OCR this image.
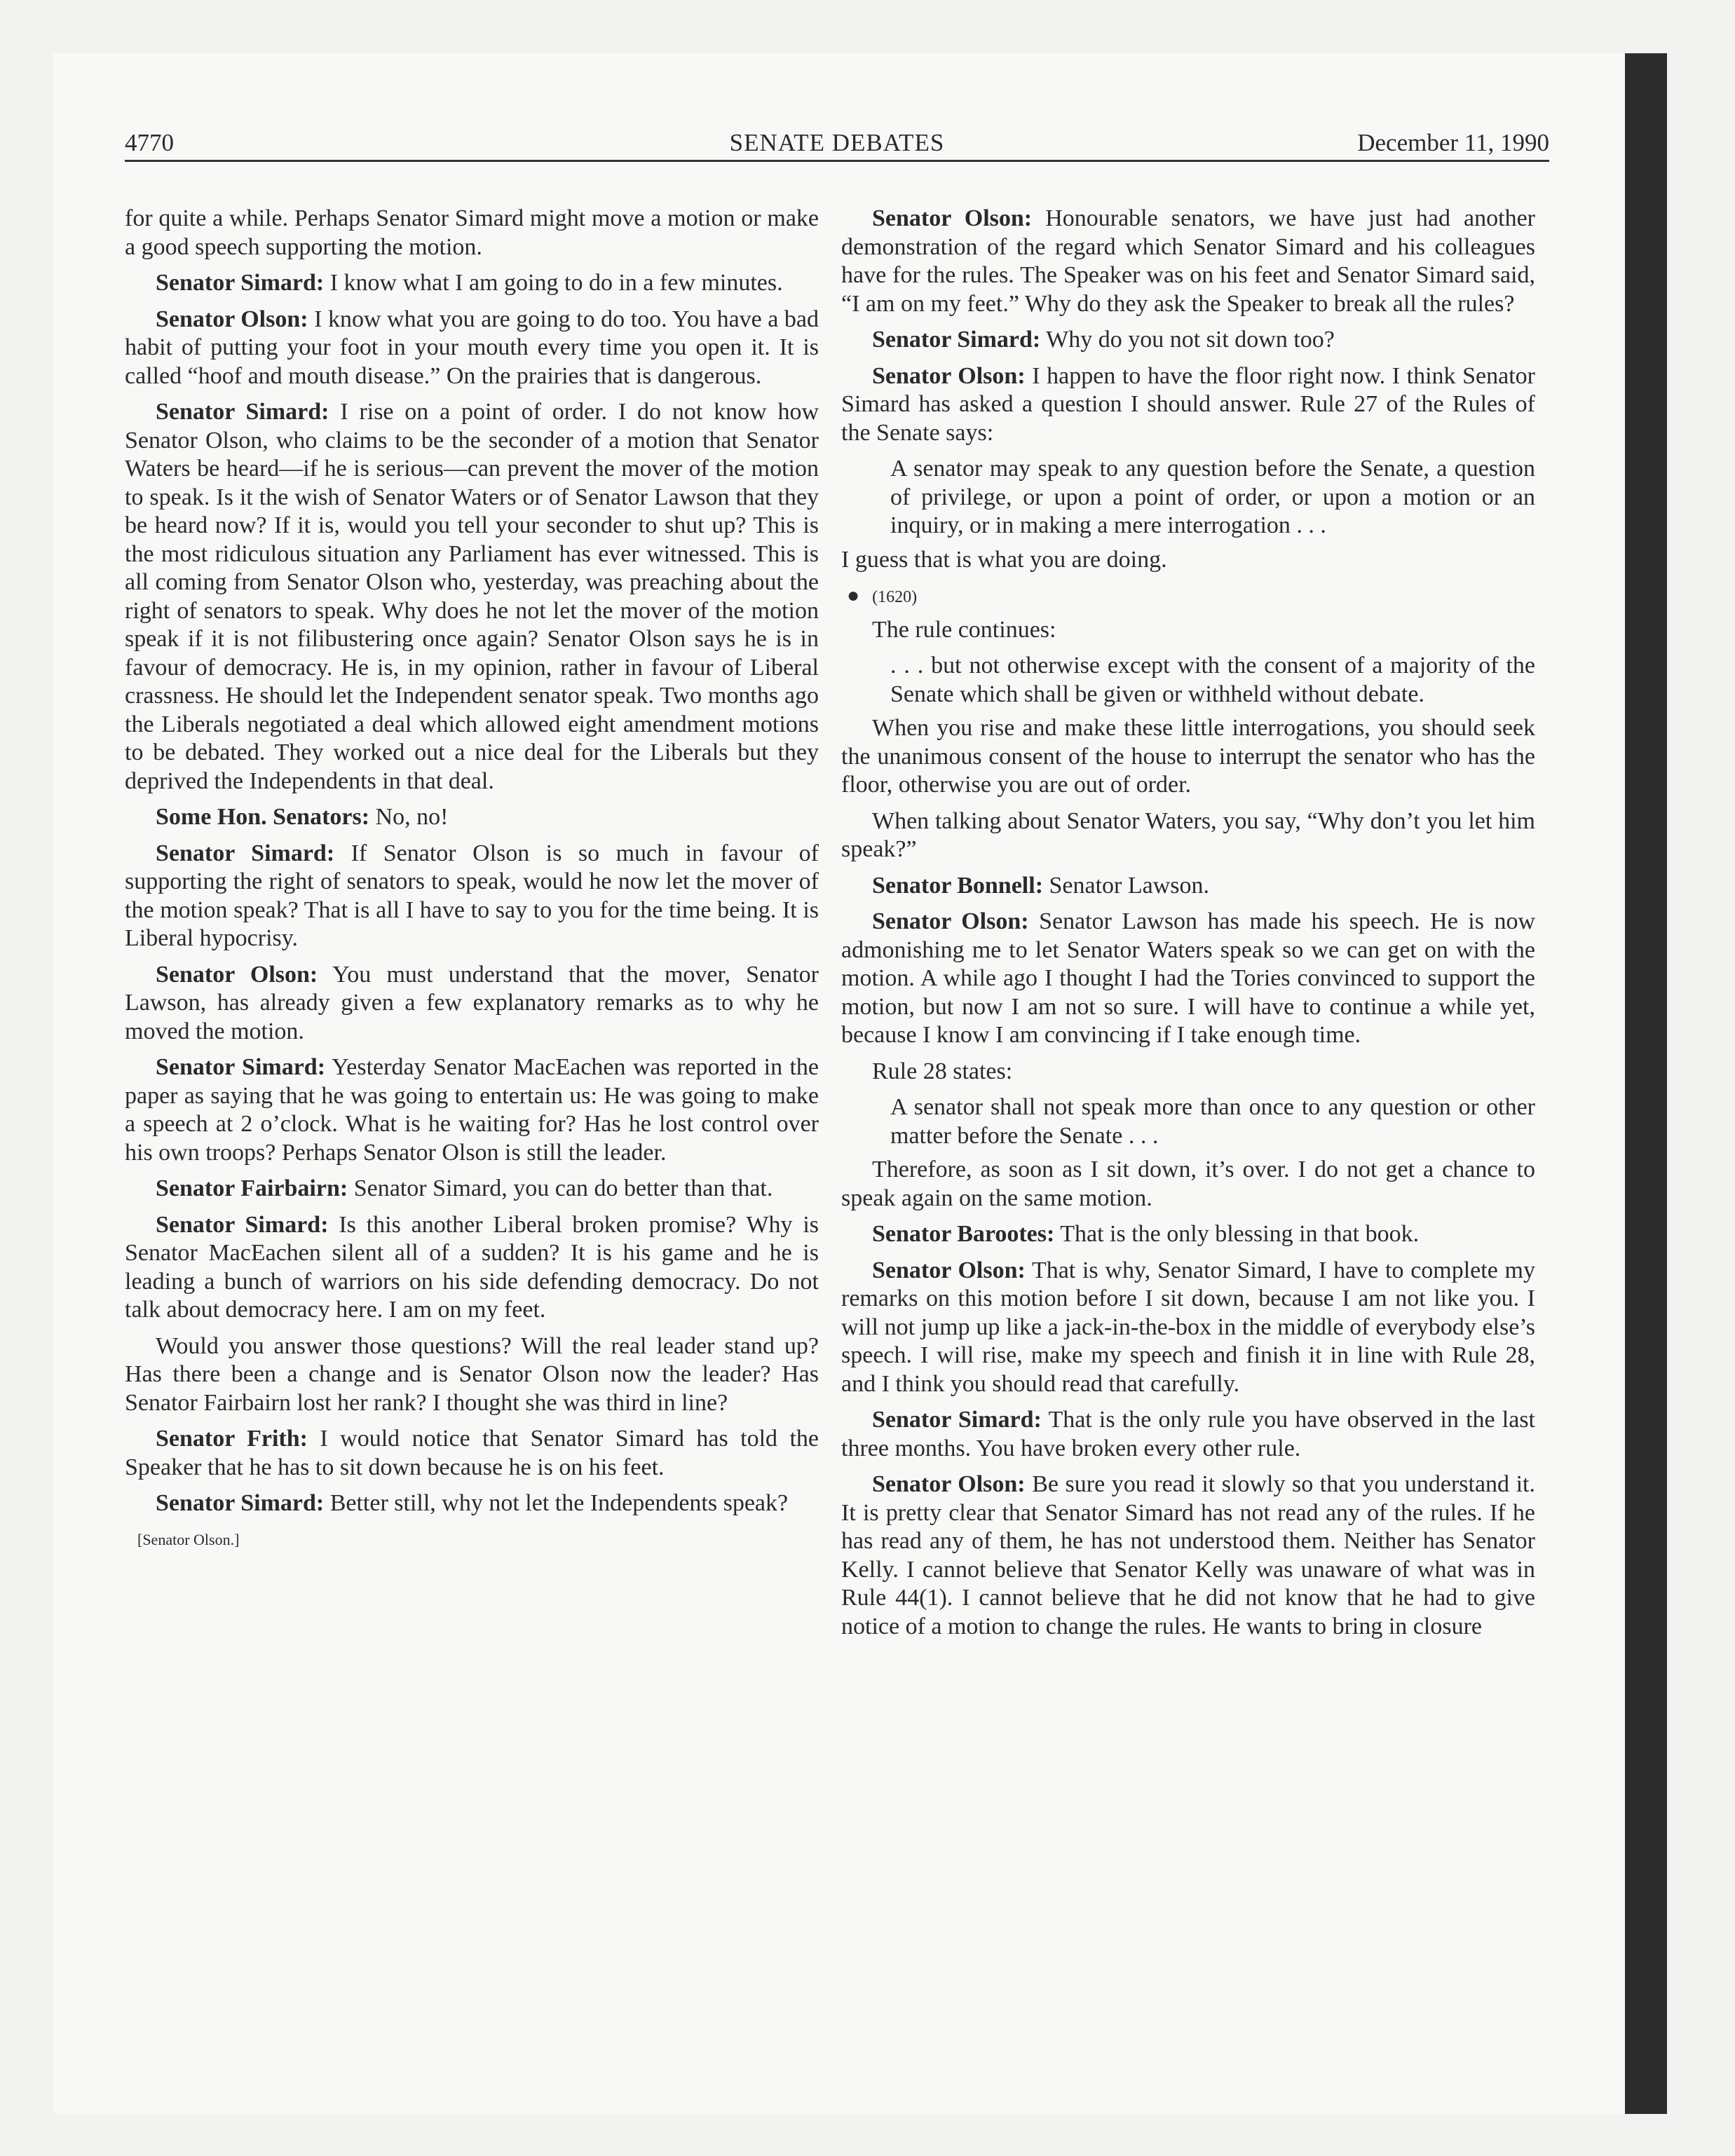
4770	SENATE DEBATES	December 11, 1990

for quite a while. Perhaps Senator Simard might move a motion or make a good speech supporting the motion.

Senator Simard: I know what I am going to do in a few minutes.

Senator Olson: I know what you are going to do too. You have a bad habit of putting your foot in your mouth every time you open it. It is called “hoof and mouth disease.” On the prairies that is dangerous.

Senator Simard: I rise on a point of order. I do not know how Senator Olson, who claims to be the seconder of a motion that Senator Waters be heard—if he is serious—can prevent the mover of the motion to speak. Is it the wish of Senator Waters or of Senator Lawson that they be heard now? If it is, would you tell your seconder to shut up? This is the most ridiculous situation any Parliament has ever witnessed. This is all coming from Senator Olson who, yesterday, was preaching about the right of senators to speak. Why does he not let the mover of the motion speak if it is not filibustering once again? Senator Olson says he is in favour of democracy. He is, in my opinion, rather in favour of Liberal crassness. He should let the Independent senator speak. Two months ago the Liberals negotiated a deal which allowed eight amendment motions to be debated. They worked out a nice deal for the Liberals but they deprived the Independents in that deal.

Some Hon. Senators: No, no!

Senator Simard: If Senator Olson is so much in favour of supporting the right of senators to speak, would he now let the mover of the motion speak? That is all I have to say to you for the time being. It is Liberal hypocrisy.

Senator Olson: You must understand that the mover, Senator Lawson, has already given a few explanatory remarks as to why he moved the motion.

Senator Simard: Yesterday Senator MacEachen was reported in the paper as saying that he was going to entertain us: He was going to make a speech at 2 o’clock. What is he waiting for? Has he lost control over his own troops? Perhaps Senator Olson is still the leader.

Senator Fairbairn: Senator Simard, you can do better than that.

Senator Simard: Is this another Liberal broken promise? Why is Senator MacEachen silent all of a sudden? It is his game and he is leading a bunch of warriors on his side defending democracy. Do not talk about democracy here. I am on my feet.

Would you answer those questions? Will the real leader stand up? Has there been a change and is Senator Olson now the leader? Has Senator Fairbairn lost her rank? I thought she was third in line?

Senator Frith: I would notice that Senator Simard has told the Speaker that he has to sit down because he is on his feet.

Senator Simard: Better still, why not let the Independents speak?

[Senator Olson.]

Senator Olson: Honourable senators, we have just had another demonstration of the regard which Senator Simard and his colleagues have for the rules. The Speaker was on his feet and Senator Simard said, “I am on my feet.” Why do they ask the Speaker to break all the rules?

Senator Simard: Why do you not sit down too?

Senator Olson: I happen to have the floor right now. I think Senator Simard has asked a question I should answer. Rule 27 of the Rules of the Senate says:

A senator may speak to any question before the Senate, a question of privilege, or upon a point of order, or upon a motion or an inquiry, or in making a mere interrogation . . .

I guess that is what you are doing.

● (1620)

The rule continues:

. . . but not otherwise except with the consent of a majority of the Senate which shall be given or withheld without debate.

When you rise and make these little interrogations, you should seek the unanimous consent of the house to interrupt the senator who has the floor, otherwise you are out of order.

When talking about Senator Waters, you say, “Why don’t you let him speak?”

Senator Bonnell: Senator Lawson.

Senator Olson: Senator Lawson has made his speech. He is now admonishing me to let Senator Waters speak so we can get on with the motion. A while ago I thought I had the Tories convinced to support the motion, but now I am not so sure. I will have to continue a while yet, because I know I am convincing if I take enough time.

Rule 28 states:

A senator shall not speak more than once to any question or other matter before the Senate . . .

Therefore, as soon as I sit down, it’s over. I do not get a chance to speak again on the same motion.

Senator Barootes: That is the only blessing in that book.

Senator Olson: That is why, Senator Simard, I have to complete my remarks on this motion before I sit down, because I am not like you. I will not jump up like a jack-in-the-box in the middle of everybody else’s speech. I will rise, make my speech and finish it in line with Rule 28, and I think you should read that carefully.

Senator Simard: That is the only rule you have observed in the last three months. You have broken every other rule.

Senator Olson: Be sure you read it slowly so that you understand it. It is pretty clear that Senator Simard has not read any of the rules. If he has read any of them, he has not understood them. Neither has Senator Kelly. I cannot believe that Senator Kelly was unaware of what was in Rule 44(1). I cannot believe that he did not know that he had to give notice of a motion to change the rules. He wants to bring in closure
